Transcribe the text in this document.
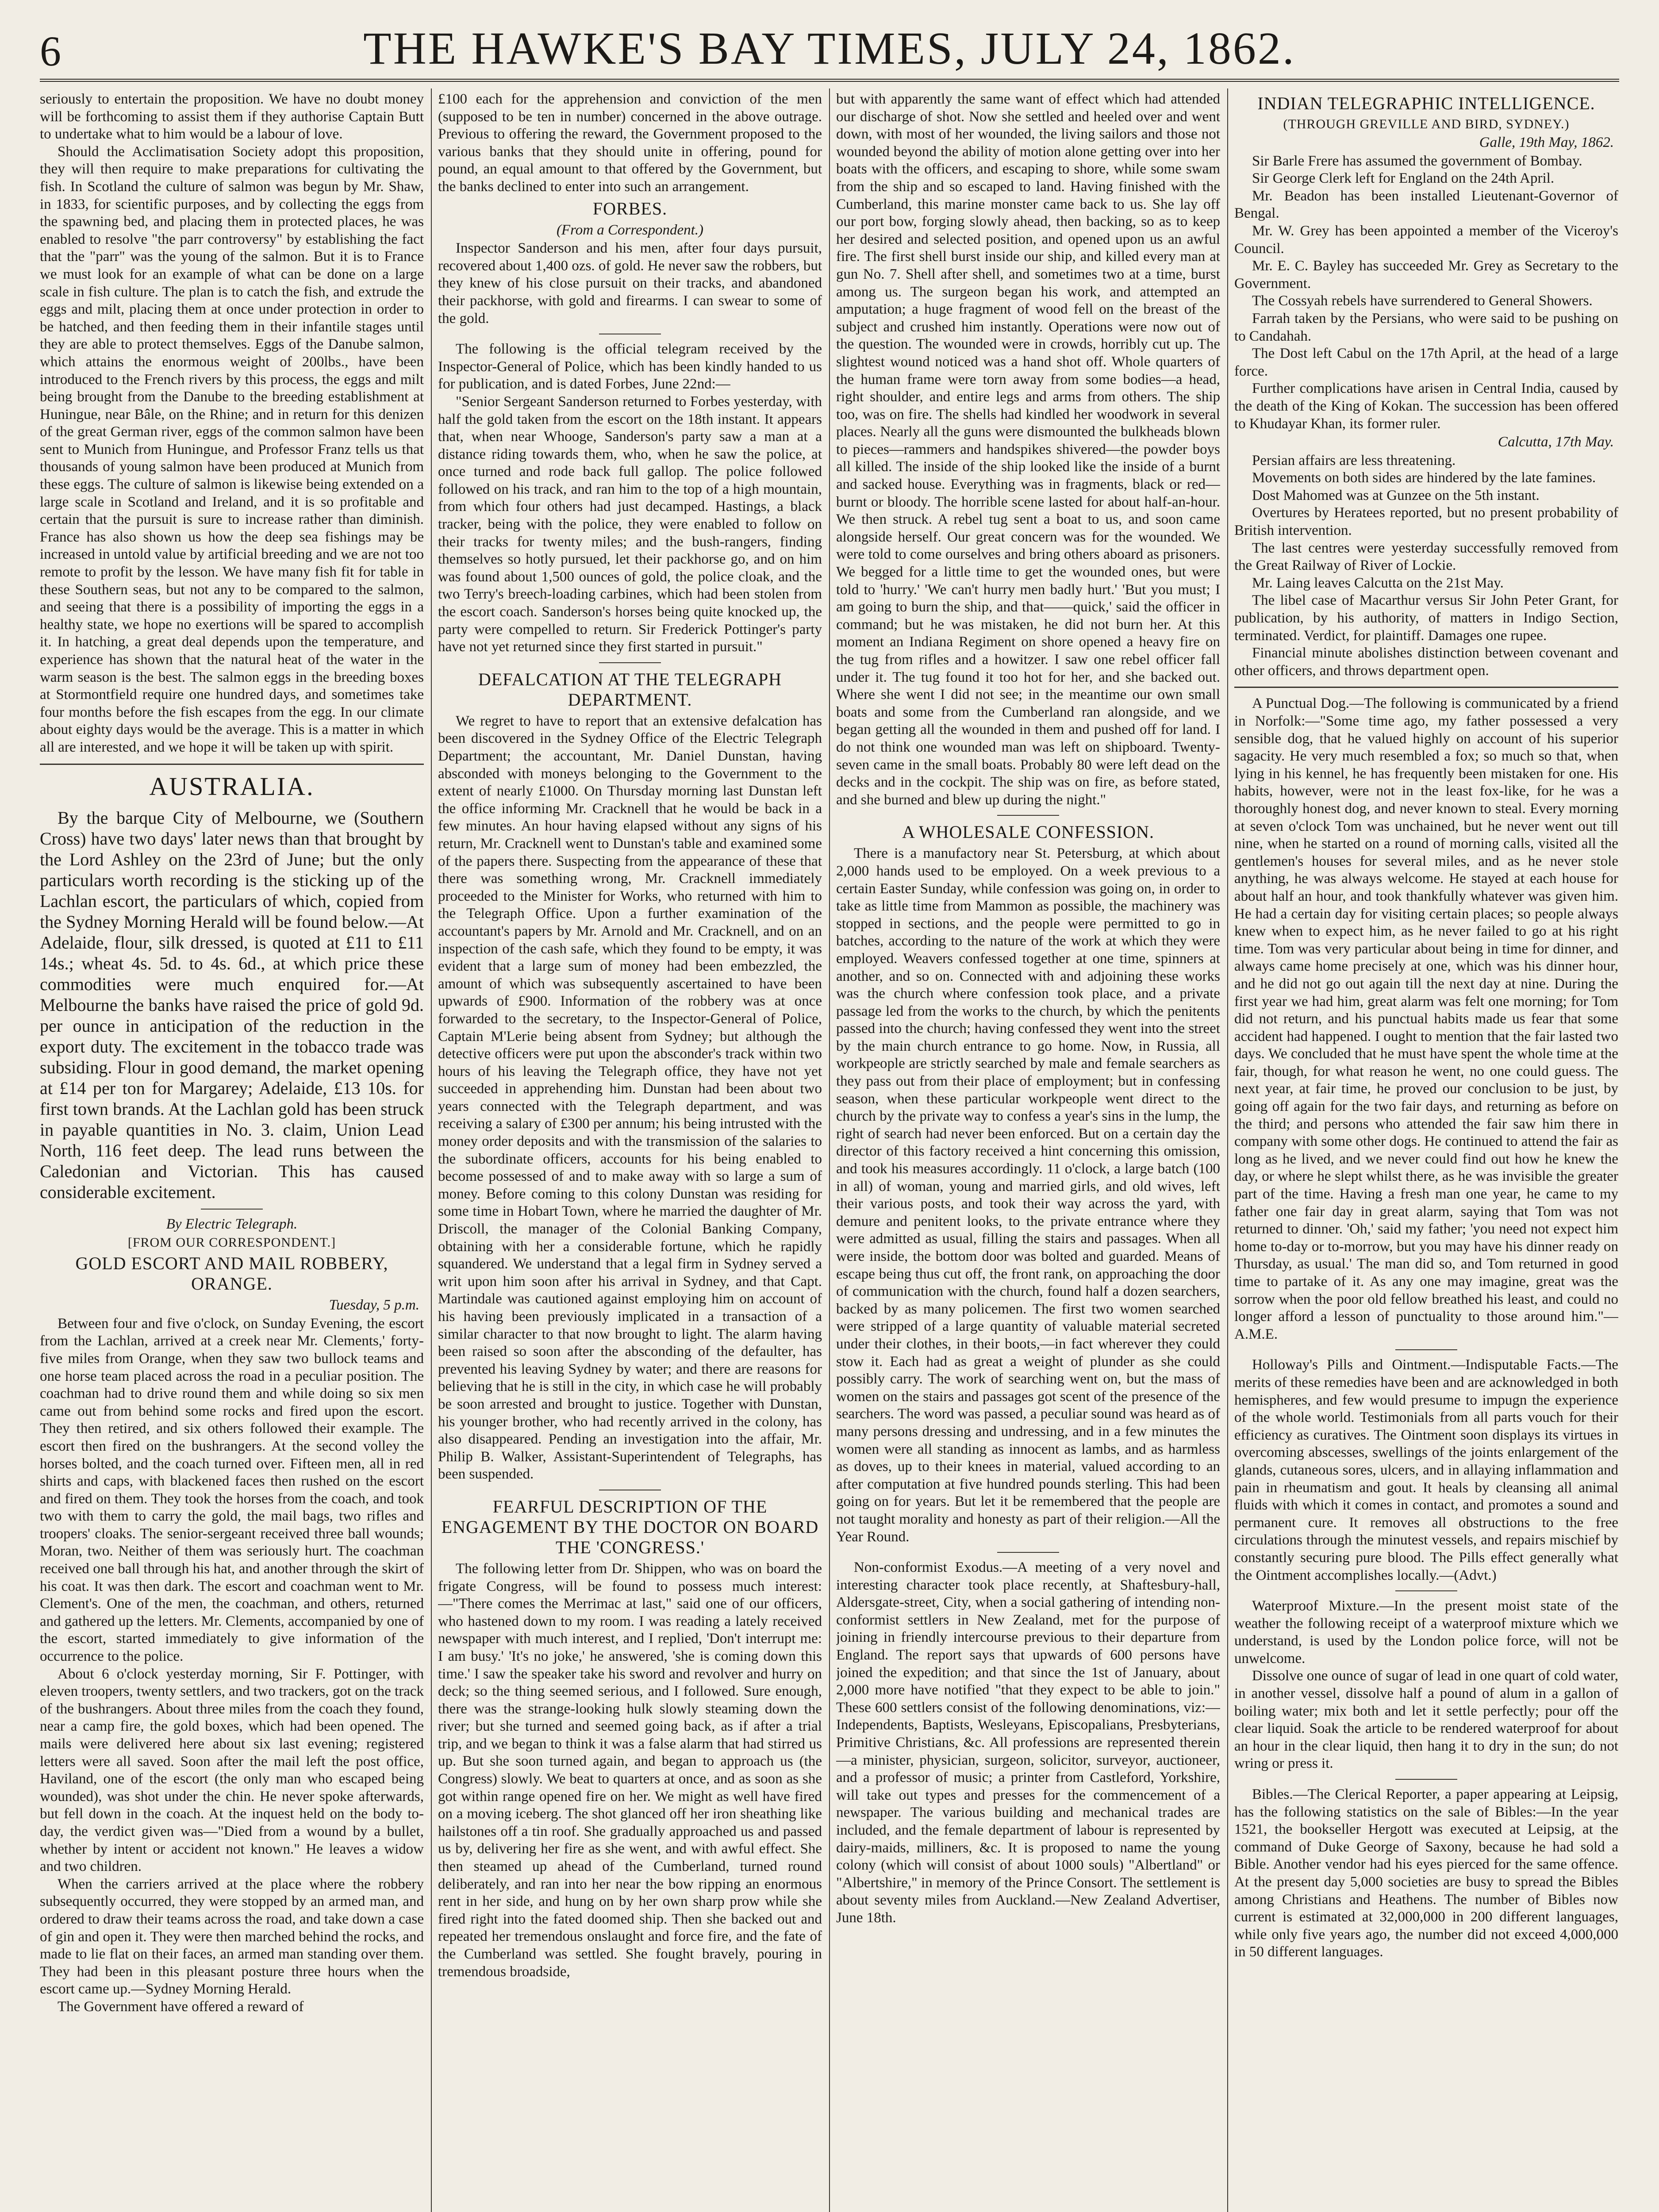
6	THE HAWKE'S BAY TIMES, JULY 24, 1862.

seriously to entertain the proposition. We have no doubt money will be forthcoming to assist them if they authorise Captain Butt to undertake what to him would be a labour of love.

Should the Acclimatisation Society adopt this proposition, they will then require to make preparations for cultivating the fish. In Scotland the culture of salmon was begun by Mr. Shaw, in 1833, for scientific purposes, and by collecting the eggs from the spawning bed, and placing them in protected places, he was enabled to resolve "the parr controversy" by establishing the fact that the "parr" was the young of the salmon. But it is to France we must look for an example of what can be done on a large scale in fish culture. The plan is to catch the fish, and extrude the eggs and milt, placing them at once under protection in order to be hatched, and then feeding them in their infantile stages until they are able to protect themselves. Eggs of the Danube salmon, which attains the enormous weight of 200lbs., have been introduced to the French rivers by this process, the eggs and milt being brought from the Danube to the breeding establishment at Huningue, near Bâle, on the Rhine; and in return for this denizen of the great German river, eggs of the common salmon have been sent to Munich from Huningue, and Professor Franz tells us that thousands of young salmon have been produced at Munich from these eggs. The culture of salmon is likewise being extended on a large scale in Scotland and Ireland, and it is so profitable and certain that the pursuit is sure to increase rather than diminish. France has also shown us how the deep sea fishings may be increased in untold value by artificial breeding and we are not too remote to profit by the lesson. We have many fish fit for table in these Southern seas, but not any to be compared to the salmon, and seeing that there is a possibility of importing the eggs in a healthy state, we hope no exertions will be spared to accomplish it. In hatching, a great deal depends upon the temperature, and experience has shown that the natural heat of the water in the warm season is the best. The salmon eggs in the breeding boxes at Stormontfield require one hundred days, and sometimes take four months before the fish escapes from the egg. In our climate about eighty days would be the average. This is a matter in which all are interested, and we hope it will be taken up with spirit.

AUSTRALIA.

By the barque City of Melbourne, we (Southern Cross) have two days' later news than that brought by the Lord Ashley on the 23rd of June; but the only particulars worth recording is the sticking up of the Lachlan escort, the particulars of which, copied from the Sydney Morning Herald will be found below.—At Adelaide, flour, silk dressed, is quoted at £11 to £11 14s.; wheat 4s. 5d. to 4s. 6d., at which price these commodities were much enquired for.—At Melbourne the banks have raised the price of gold 9d. per ounce in anticipation of the reduction in the export duty. The excitement in the tobacco trade was subsiding. Flour in good demand, the market opening at £14 per ton for Margarey; Adelaide, £13 10s. for first town brands. At the Lachlan gold has been struck in payable quantities in No. 3. claim, Union Lead North, 116 feet deep. The lead runs between the Caledonian and Victorian. This has caused considerable excitement.

By Electric Telegraph.
[FROM OUR CORRESPONDENT.]
GOLD ESCORT AND MAIL ROBBERY, ORANGE.
Tuesday, 5 p.m.

Between four and five o'clock, on Sunday Evening, the escort from the Lachlan, arrived at a creek near Mr. Clements,' forty-five miles from Orange, when they saw two bullock teams and one horse team placed across the road in a peculiar position. The coachman had to drive round them and while doing so six men came out from behind some rocks and fired upon the escort. They then retired, and six others followed their example. The escort then fired on the bushrangers. At the second volley the horses bolted, and the coach turned over. Fifteen men, all in red shirts and caps, with blackened faces then rushed on the escort and fired on them. They took the horses from the coach, and took two with them to carry the gold, the mail bags, two rifles and troopers' cloaks. The senior-sergeant received three ball wounds; Moran, two. Neither of them was seriously hurt. The coachman received one ball through his hat, and another through the skirt of his coat. It was then dark. The escort and coachman went to Mr. Clement's. One of the men, the coachman, and others, returned and gathered up the letters. Mr. Clements, accompanied by one of the escort, started immediately to give information of the occurrence to the police.

About 6 o'clock yesterday morning, Sir F. Pottinger, with eleven troopers, twenty settlers, and two trackers, got on the track of the bushrangers. About three miles from the coach they found, near a camp fire, the gold boxes, which had been opened. The mails were delivered here about six last evening; registered letters were all saved. Soon after the mail left the post office, Haviland, one of the escort (the only man who escaped being wounded), was shot under the chin. He never spoke afterwards, but fell down in the coach. At the inquest held on the body to-day, the verdict given was—"Died from a wound by a bullet, whether by intent or accident not known." He leaves a widow and two children.

When the carriers arrived at the place where the robbery subsequently occurred, they were stopped by an armed man, and ordered to draw their teams across the road, and take down a case of gin and open it. They were then marched behind the rocks, and made to lie flat on their faces, an armed man standing over them. They had been in this pleasant posture three hours when the escort came up.—Sydney Morning Herald.

The Government have offered a reward of

£100 each for the apprehension and conviction of the men (supposed to be ten in number) concerned in the above outrage. Previous to offering the reward, the Government proposed to the various banks that they should unite in offering, pound for pound, an equal amount to that offered by the Government, but the banks declined to enter into such an arrangement.

FORBES.
(From a Correspondent.)

Inspector Sanderson and his men, after four days pursuit, recovered about 1,400 ozs. of gold. He never saw the robbers, but they knew of his close pursuit on their tracks, and abandoned their packhorse, with gold and firearms. I can swear to some of the gold.

The following is the official telegram received by the Inspector-General of Police, which has been kindly handed to us for publication, and is dated Forbes, June 22nd:—

"Senior Sergeant Sanderson returned to Forbes yesterday, with half the gold taken from the escort on the 18th instant. It appears that, when near Whooge, Sanderson's party saw a man at a distance riding towards them, who, when he saw the police, at once turned and rode back full gallop. The police followed followed on his track, and ran him to the top of a high mountain, from which four others had just decamped. Hastings, a black tracker, being with the police, they were enabled to follow on their tracks for twenty miles; and the bush-rangers, finding themselves so hotly pursued, let their packhorse go, and on him was found about 1,500 ounces of gold, the police cloak, and the two Terry's breech-loading carbines, which had been stolen from the escort coach. Sanderson's horses being quite knocked up, the party were compelled to return. Sir Frederick Pottinger's party have not yet returned since they first started in pursuit."

DEFALCATION AT THE TELEGRAPH DEPARTMENT.

We regret to have to report that an extensive defalcation has been discovered in the Sydney Office of the Electric Telegraph Department; the accountant, Mr. Daniel Dunstan, having absconded with moneys belonging to the Government to the extent of nearly £1000. On Thursday morning last Dunstan left the office informing Mr. Cracknell that he would be back in a few minutes. An hour having elapsed without any signs of his return, Mr. Cracknell went to Dunstan's table and examined some of the papers there. Suspecting from the appearance of these that there was something wrong, Mr. Cracknell immediately proceeded to the Minister for Works, who returned with him to the Telegraph Office. Upon a further examination of the accountant's papers by Mr. Arnold and Mr. Cracknell, and on an inspection of the cash safe, which they found to be empty, it was evident that a large sum of money had been embezzled, the amount of which was subsequently ascertained to have been upwards of £900. Information of the robbery was at once forwarded to the secretary, to the Inspector-General of Police, Captain M'Lerie being absent from Sydney; but although the detective officers were put upon the absconder's track within two hours of his leaving the Telegraph office, they have not yet succeeded in apprehending him. Dunstan had been about two years connected with the Telegraph department, and was receiving a salary of £300 per annum; his being intrusted with the money order deposits and with the transmission of the salaries to the subordinate officers, accounts for his being enabled to become possessed of and to make away with so large a sum of money. Before coming to this colony Dunstan was residing for some time in Hobart Town, where he married the daughter of Mr. Driscoll, the manager of the Colonial Banking Company, obtaining with her a considerable fortune, which he rapidly squandered. We understand that a legal firm in Sydney served a writ upon him soon after his arrival in Sydney, and that Capt. Martindale was cautioned against employing him on account of his having been previously implicated in a transaction of a similar character to that now brought to light. The alarm having been raised so soon after the absconding of the defaulter, has prevented his leaving Sydney by water; and there are reasons for believing that he is still in the city, in which case he will probably be soon arrested and brought to justice. Together with Dunstan, his younger brother, who had recently arrived in the colony, has also disappeared. Pending an investigation into the affair, Mr. Philip B. Walker, Assistant-Superintendent of Telegraphs, has been suspended.

FEARFUL DESCRIPTION OF THE ENGAGEMENT BY THE DOCTOR ON BOARD THE 'CONGRESS.'

The following letter from Dr. Shippen, who was on board the frigate Congress, will be found to possess much interest:—"There comes the Merrimac at last," said one of our officers, who hastened down to my room. I was reading a lately received newspaper with much interest, and I replied, 'Don't interrupt me: I am busy.' 'It's no joke,' he answered, 'she is coming down this time.' I saw the speaker take his sword and revolver and hurry on deck; so the thing seemed serious, and I followed. Sure enough, there was the strange-looking hulk slowly steaming down the river; but she turned and seemed going back, as if after a trial trip, and we began to think it was a false alarm that had stirred us up. But she soon turned again, and began to approach us (the Congress) slowly. We beat to quarters at once, and as soon as she got within range opened fire on her. We might as well have fired on a moving iceberg. The shot glanced off her iron sheathing like hailstones off a tin roof. She gradually approached us and passed us by, delivering her fire as she went, and with awful effect. She then steamed up ahead of the Cumberland, turned round deliberately, and ran into her near the bow ripping an enormous rent in her side, and hung on by her own sharp prow while she fired right into the fated doomed ship. Then she backed out and repeated her tremendous onslaught and force fire, and the fate of the Cumberland was settled. She fought bravely, pouring in tremendous broadside,

but with apparently the same want of effect which had attended our discharge of shot. Now she settled and heeled over and went down, with most of her wounded, the living sailors and those not wounded beyond the ability of motion alone getting over into her boats with the officers, and escaping to shore, while some swam from the ship and so escaped to land. Having finished with the Cumberland, this marine monster came back to us. She lay off our port bow, forging slowly ahead, then backing, so as to keep her desired and selected position, and opened upon us an awful fire. The first shell burst inside our ship, and killed every man at gun No. 7. Shell after shell, and sometimes two at a time, burst among us. The surgeon began his work, and attempted an amputation; a huge fragment of wood fell on the breast of the subject and crushed him instantly. Operations were now out of the question. The wounded were in crowds, horribly cut up. The slightest wound noticed was a hand shot off. Whole quarters of the human frame were torn away from some bodies—a head, right shoulder, and entire legs and arms from others. The ship too, was on fire. The shells had kindled her woodwork in several places. Nearly all the guns were dismounted the bulkheads blown to pieces—rammers and handspikes shivered—the powder boys all killed. The inside of the ship looked like the inside of a burnt and sacked house. Everything was in fragments, black or red—burnt or bloody. The horrible scene lasted for about half-an-hour. We then struck. A rebel tug sent a boat to us, and soon came alongside herself. Our great concern was for the wounded. We were told to come ourselves and bring others aboard as prisoners. We begged for a little time to get the wounded ones, but were told to 'hurry.' 'We can't hurry men badly hurt.' 'But you must; I am going to burn the ship, and that——quick,' said the officer in command; but he was mistaken, he did not burn her. At this moment an Indiana Regiment on shore opened a heavy fire on the tug from rifles and a howitzer. I saw one rebel officer fall under it. The tug found it too hot for her, and she backed out. Where she went I did not see; in the meantime our own small boats and some from the Cumberland ran alongside, and we began getting all the wounded in them and pushed off for land. I do not think one wounded man was left on shipboard. Twenty-seven came in the small boats. Probably 80 were left dead on the decks and in the cockpit. The ship was on fire, as before stated, and she burned and blew up during the night."

A WHOLESALE CONFESSION.

There is a manufactory near St. Petersburg, at which about 2,000 hands used to be employed. On a week previous to a certain Easter Sunday, while confession was going on, in order to take as little time from Mammon as possible, the machinery was stopped in sections, and the people were permitted to go in batches, according to the nature of the work at which they were employed. Weavers confessed together at one time, spinners at another, and so on. Connected with and adjoining these works was the church where confession took place, and a private passage led from the works to the church, by which the penitents passed into the church; having confessed they went into the street by the main church entrance to go home. Now, in Russia, all workpeople are strictly searched by male and female searchers as they pass out from their place of employment; but in confessing season, when these particular workpeople went direct to the church by the private way to confess a year's sins in the lump, the right of search had never been enforced. But on a certain day the director of this factory received a hint concerning this omission, and took his measures accordingly. 11 o'clock, a large batch (100 in all) of woman, young and married girls, and old wives, left their various posts, and took their way across the yard, with demure and penitent looks, to the private entrance where they were admitted as usual, filling the stairs and passages. When all were inside, the bottom door was bolted and guarded. Means of escape being thus cut off, the front rank, on approaching the door of communication with the church, found half a dozen searchers, backed by as many policemen. The first two women searched were stripped of a large quantity of valuable material secreted under their clothes, in their boots,—in fact wherever they could stow it. Each had as great a weight of plunder as she could possibly carry. The work of searching went on, but the mass of women on the stairs and passages got scent of the presence of the searchers. The word was passed, a peculiar sound was heard as of many persons dressing and undressing, and in a few minutes the women were all standing as innocent as lambs, and as harmless as doves, up to their knees in material, valued according to an after computation at five hundred pounds sterling. This had been going on for years. But let it be remembered that the people are not taught morality and honesty as part of their religion.—All the Year Round.

Non-conformist Exodus.—A meeting of a very novel and interesting character took place recently, at Shaftesbury-hall, Aldersgate-street, City, when a social gathering of intending non-conformist settlers in New Zealand, met for the purpose of joining in friendly intercourse previous to their departure from England. The report says that upwards of 600 persons have joined the expedition; and that since the 1st of January, about 2,000 more have notified "that they expect to be able to join." These 600 settlers consist of the following denominations, viz:—Independents, Baptists, Wesleyans, Episcopalians, Presbyterians, Primitive Christians, &c. All professions are represented therein—a minister, physician, surgeon, solicitor, surveyor, auctioneer, and a professor of music; a printer from Castleford, Yorkshire, will take out types and presses for the commencement of a newspaper. The various building and mechanical trades are included, and the female department of labour is represented by dairy-maids, milliners, &c. It is proposed to name the young colony (which will consist of about 1000 souls) "Albertland" or "Albertshire," in memory of the Prince Consort. The settlement is about seventy miles from Auckland.—New Zealand Advertiser, June 18th.

INDIAN TELEGRAPHIC INTELLIGENCE.
(THROUGH GREVILLE AND BIRD, SYDNEY.)
Galle, 19th May, 1862.

Sir Barle Frere has assumed the government of Bombay.

Sir George Clerk left for England on the 24th April.

Mr. Beadon has been installed Lieutenant-Governor of Bengal.

Mr. W. Grey has been appointed a member of the Viceroy's Council.

Mr. E. C. Bayley has succeeded Mr. Grey as Secretary to the Government.

The Cossyah rebels have surrendered to General Showers.

Farrah taken by the Persians, who were said to be pushing on to Candahah.

The Dost left Cabul on the 17th April, at the head of a large force.

Further complications have arisen in Central India, caused by the death of the King of Kokan. The succession has been offered to Khudayar Khan, its former ruler.

Calcutta, 17th May.

Persian affairs are less threatening.

Movements on both sides are hindered by the late famines.

Dost Mahomed was at Gunzee on the 5th instant.

Overtures by Heratees reported, but no present probability of British intervention.

The last centres were yesterday successfully removed from the Great Railway of River of Lockie.

Mr. Laing leaves Calcutta on the 21st May.

The libel case of Macarthur versus Sir John Peter Grant, for publication, by his authority, of matters in Indigo Section, terminated. Verdict, for plaintiff. Damages one rupee.

Financial minute abolishes distinction between covenant and other officers, and throws department open.

A Punctual Dog.—The following is communicated by a friend in Norfolk:—"Some time ago, my father possessed a very sensible dog, that he valued highly on account of his superior sagacity. He very much resembled a fox; so much so that, when lying in his kennel, he has frequently been mistaken for one. His habits, however, were not in the least fox-like, for he was a thoroughly honest dog, and never known to steal. Every morning at seven o'clock Tom was unchained, but he never went out till nine, when he started on a round of morning calls, visited all the gentlemen's houses for several miles, and as he never stole anything, he was always welcome. He stayed at each house for about half an hour, and took thankfully whatever was given him. He had a certain day for visiting certain places; so people always knew when to expect him, as he never failed to go at his right time. Tom was very particular about being in time for dinner, and always came home precisely at one, which was his dinner hour, and he did not go out again till the next day at nine. During the first year we had him, great alarm was felt one morning; for Tom did not return, and his punctual habits made us fear that some accident had happened. I ought to mention that the fair lasted two days. We concluded that he must have spent the whole time at the fair, though, for what reason he went, no one could guess. The next year, at fair time, he proved our conclusion to be just, by going off again for the two fair days, and returning as before on the third; and persons who attended the fair saw him there in company with some other dogs. He continued to attend the fair as long as he lived, and we never could find out how he knew the day, or where he slept whilst there, as he was invisible the greater part of the time. Having a fresh man one year, he came to my father one fair day in great alarm, saying that Tom was not returned to dinner. 'Oh,' said my father; 'you need not expect him home to-day or to-morrow, but you may have his dinner ready on Thursday, as usual.' The man did so, and Tom returned in good time to partake of it. As any one may imagine, great was the sorrow when the poor old fellow breathed his least, and could no longer afford a lesson of punctuality to those around him."—A.M.E.

Holloway's Pills and Ointment.—Indisputable Facts.—The merits of these remedies have been and are acknowledged in both hemispheres, and few would presume to impugn the experience of the whole world. Testimonials from all parts vouch for their efficiency as curatives. The Ointment soon displays its virtues in overcoming abscesses, swellings of the joints enlargement of the glands, cutaneous sores, ulcers, and in allaying inflammation and pain in rheumatism and gout. It heals by cleansing all animal fluids with which it comes in contact, and promotes a sound and permanent cure. It removes all obstructions to the free circulations through the minutest vessels, and repairs mischief by constantly securing pure blood. The Pills effect generally what the Ointment accomplishes locally.—(Advt.)

Waterproof Mixture.—In the present moist state of the weather the following receipt of a waterproof mixture which we understand, is used by the London police force, will not be unwelcome.

Dissolve one ounce of sugar of lead in one quart of cold water, in another vessel, dissolve half a pound of alum in a gallon of boiling water; mix both and let it settle perfectly; pour off the clear liquid. Soak the article to be rendered waterproof for about an hour in the clear liquid, then hang it to dry in the sun; do not wring or press it.

Bibles.—The Clerical Reporter, a paper appearing at Leipsig, has the following statistics on the sale of Bibles:—In the year 1521, the bookseller Hergott was executed at Leipsig, at the command of Duke George of Saxony, because he had sold a Bible. Another vendor had his eyes pierced for the same offence. At the present day 5,000 societies are busy to spread the Bibles among Christians and Heathens. The number of Bibles now current is estimated at 32,000,000 in 200 different languages, while only five years ago, the number did not exceed 4,000,000 in 50 different languages.
